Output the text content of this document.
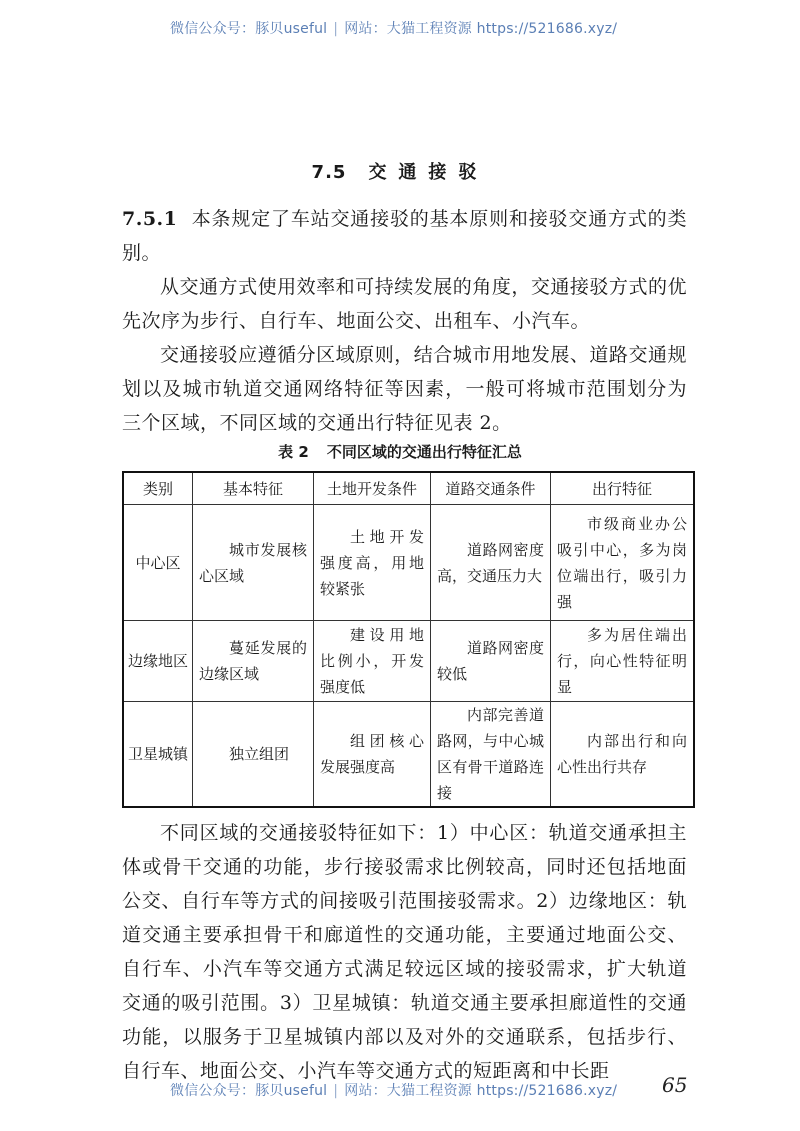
微信公众号：豚贝useful | 网站：大猫工程资源 https://521686.xyz/
7.5 交通接驳
7.5.1 本条规定了车站交通接驳的基本原则和接驳交通方式的类别。
从交通方式使用效率和可持续发展的角度，交通接驳方式的优先次序为步行、自行车、地面公交、出租车、小汽车。
交通接驳应遵循分区域原则，结合城市用地发展、道路交通规划以及城市轨道交通网络特征等因素，一般可将城市范围划分为三个区域，不同区域的交通出行特征见表 2。
表 2 不同区域的交通出行特征汇总
类别	基本特征	土地开发条件	道路交通条件	出行特征
中心区	城市发展核心区域	土地开发强度高，用地较紧张	道路网密度高，交通压力大	市级商业办公吸引中心，多为岗位端出行，吸引力强

边缘地区	蔓延发展的边缘区域	建设用地比例小，开发强度低	道路网密度较低	多为居住端出行，向心性特征明显

卫星城镇	独立组团	组团核心发展强度高	内部完善道路网，与中心城区有骨干道路连接	内部出行和向心性出行共存
不同区域的交通接驳特征如下：1）中心区：轨道交通承担主体或骨干交通的功能，步行接驳需求比例较高，同时还包括地面公交、自行车等方式的间接吸引范围接驳需求。2）边缘地区：轨道交通主要承担骨干和廊道性的交通功能，主要通过地面公交、自行车、小汽车等交通方式满足较远区域的接驳需求，扩大轨道交通的吸引范围。3）卫星城镇：轨道交通主要承担廊道性的交通功能，以服务于卫星城镇内部以及对外的交通联系，包括步行、自行车、地面公交、小汽车等交通方式的短距离和中长距
微信公众号：豚贝useful | 网站：大猫工程资源 https://521686.xyz/ 65
